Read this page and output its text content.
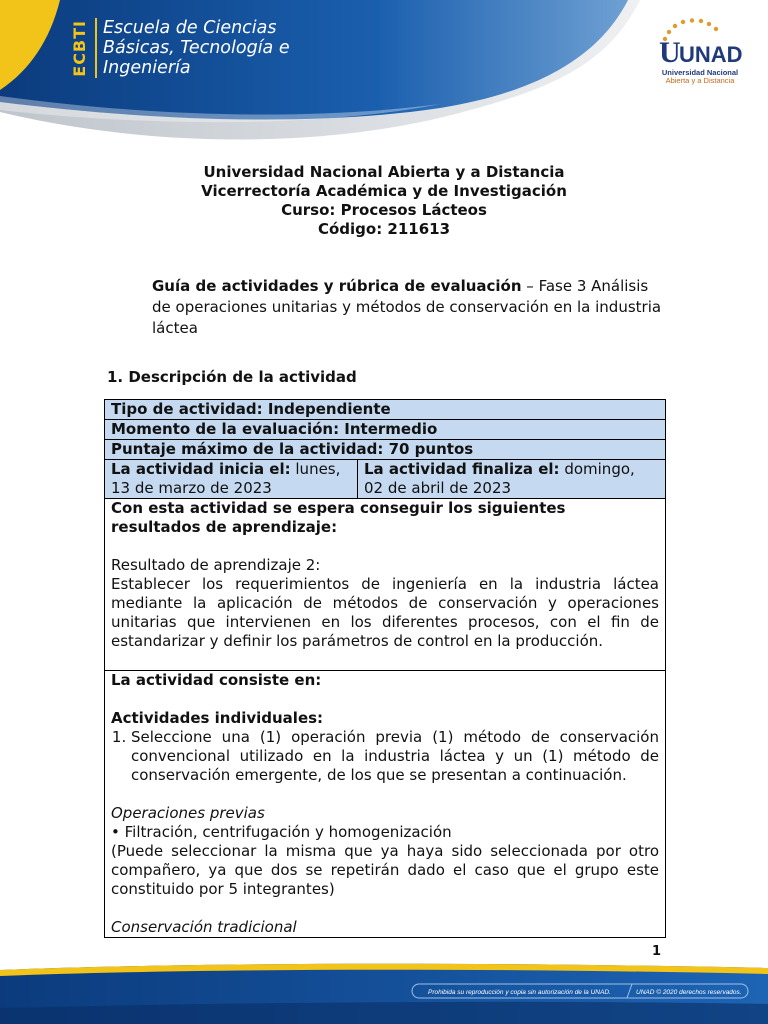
ECBTI Escuela de Ciencias
Básicas, Tecnología e
Ingeniería	U
UNAD
Universidad Nacional
Abierta y a Distancia
Universidad Nacional Abierta y a Distancia
Vicerrectoría Académica y de Investigación
Curso: Procesos Lácteos
Código: 211613
Guía de actividades y rúbrica de evaluación – Fase 3 Análisis de operaciones unitarias y métodos de conservación en la industria láctea
1. Descripción de la actividad
Tipo de actividad: Independiente
Momento de la evaluación: Intermedio
Puntaje máximo de la actividad: 70 puntos
La actividad inicia el: lunes, 13 de marzo de 2023
La actividad finaliza el: domingo, 02 de abril de 2023
Con esta actividad se espera conseguir los siguientes resultados de aprendizaje:
Resultado de aprendizaje 2:
Establecer los requerimientos de ingeniería en la industria láctea mediante la aplicación de métodos de conservación y operaciones unitarias que intervienen en los diferentes procesos, con el fin de estandarizar y definir los parámetros de control en la producción.
La actividad consiste en:
Actividades individuales:
1. Seleccione una (1) operación previa (1) método de conservación convencional utilizado en la industria láctea y un (1) método de conservación emergente, de los que se presentan a continuación.
Operaciones previas
• Filtración, centrifugación y homogenización
(Puede seleccionar la misma que ya haya sido seleccionada por otro compañero, ya que dos se repetirán dado el caso que el grupo este constituido por 5 integrantes)
Conservación tradicional
1
Prohibida su reproducción y copia sin autorización de la UNAD.	UNAD © 2020 derechos reservados.
